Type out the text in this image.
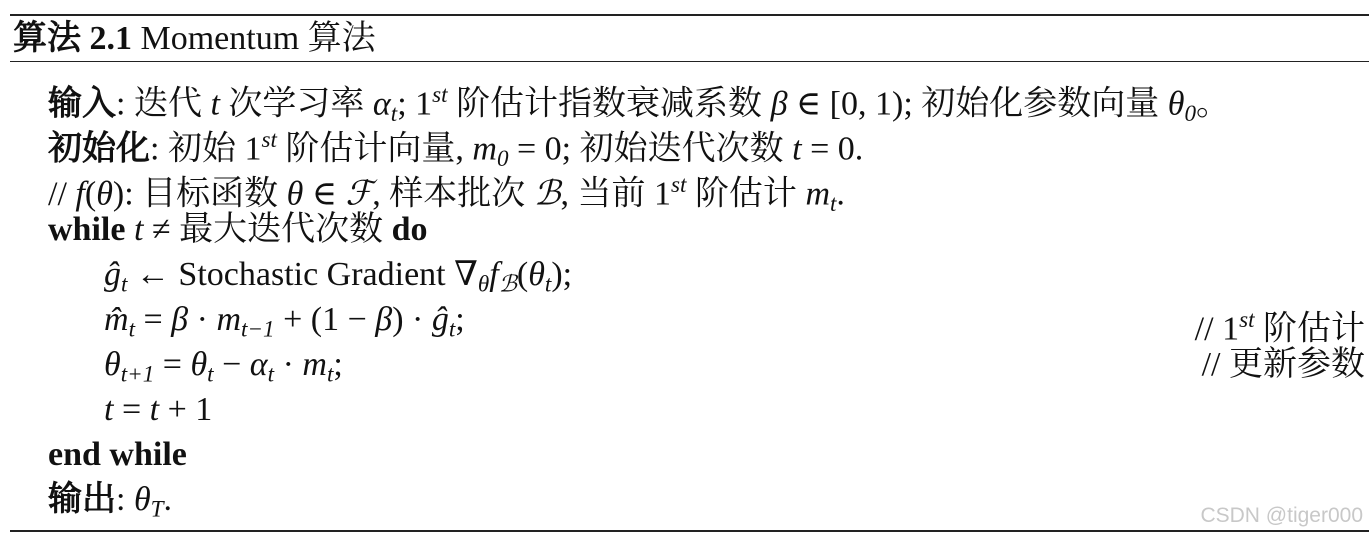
算法 2.1 Momentum 算法
输入: 迭代 t 次学习率 αt; 1st 阶估计指数衰减系数 β ∈ [0, 1); 初始化参数向量 θ0。
初始化: 初始 1st 阶估计向量, m0 = 0; 初始迭代次数 t = 0.
// f(θ): 目标函数 θ ∈ ℱ, 样本批次 ℬ, 当前 1st 阶估计 mt.
while t ≠ 最大迭代次数 do
ĝt ← Stochastic Gradient ∇θfℬ(θt);
m̂t = β · mt−1 + (1 − β) · ĝt;	// 1st 阶估计
θt+1 = θt − αt · mt;	// 更新参数
t = t + 1
end while
输出: θT.	CSDN @tiger000
